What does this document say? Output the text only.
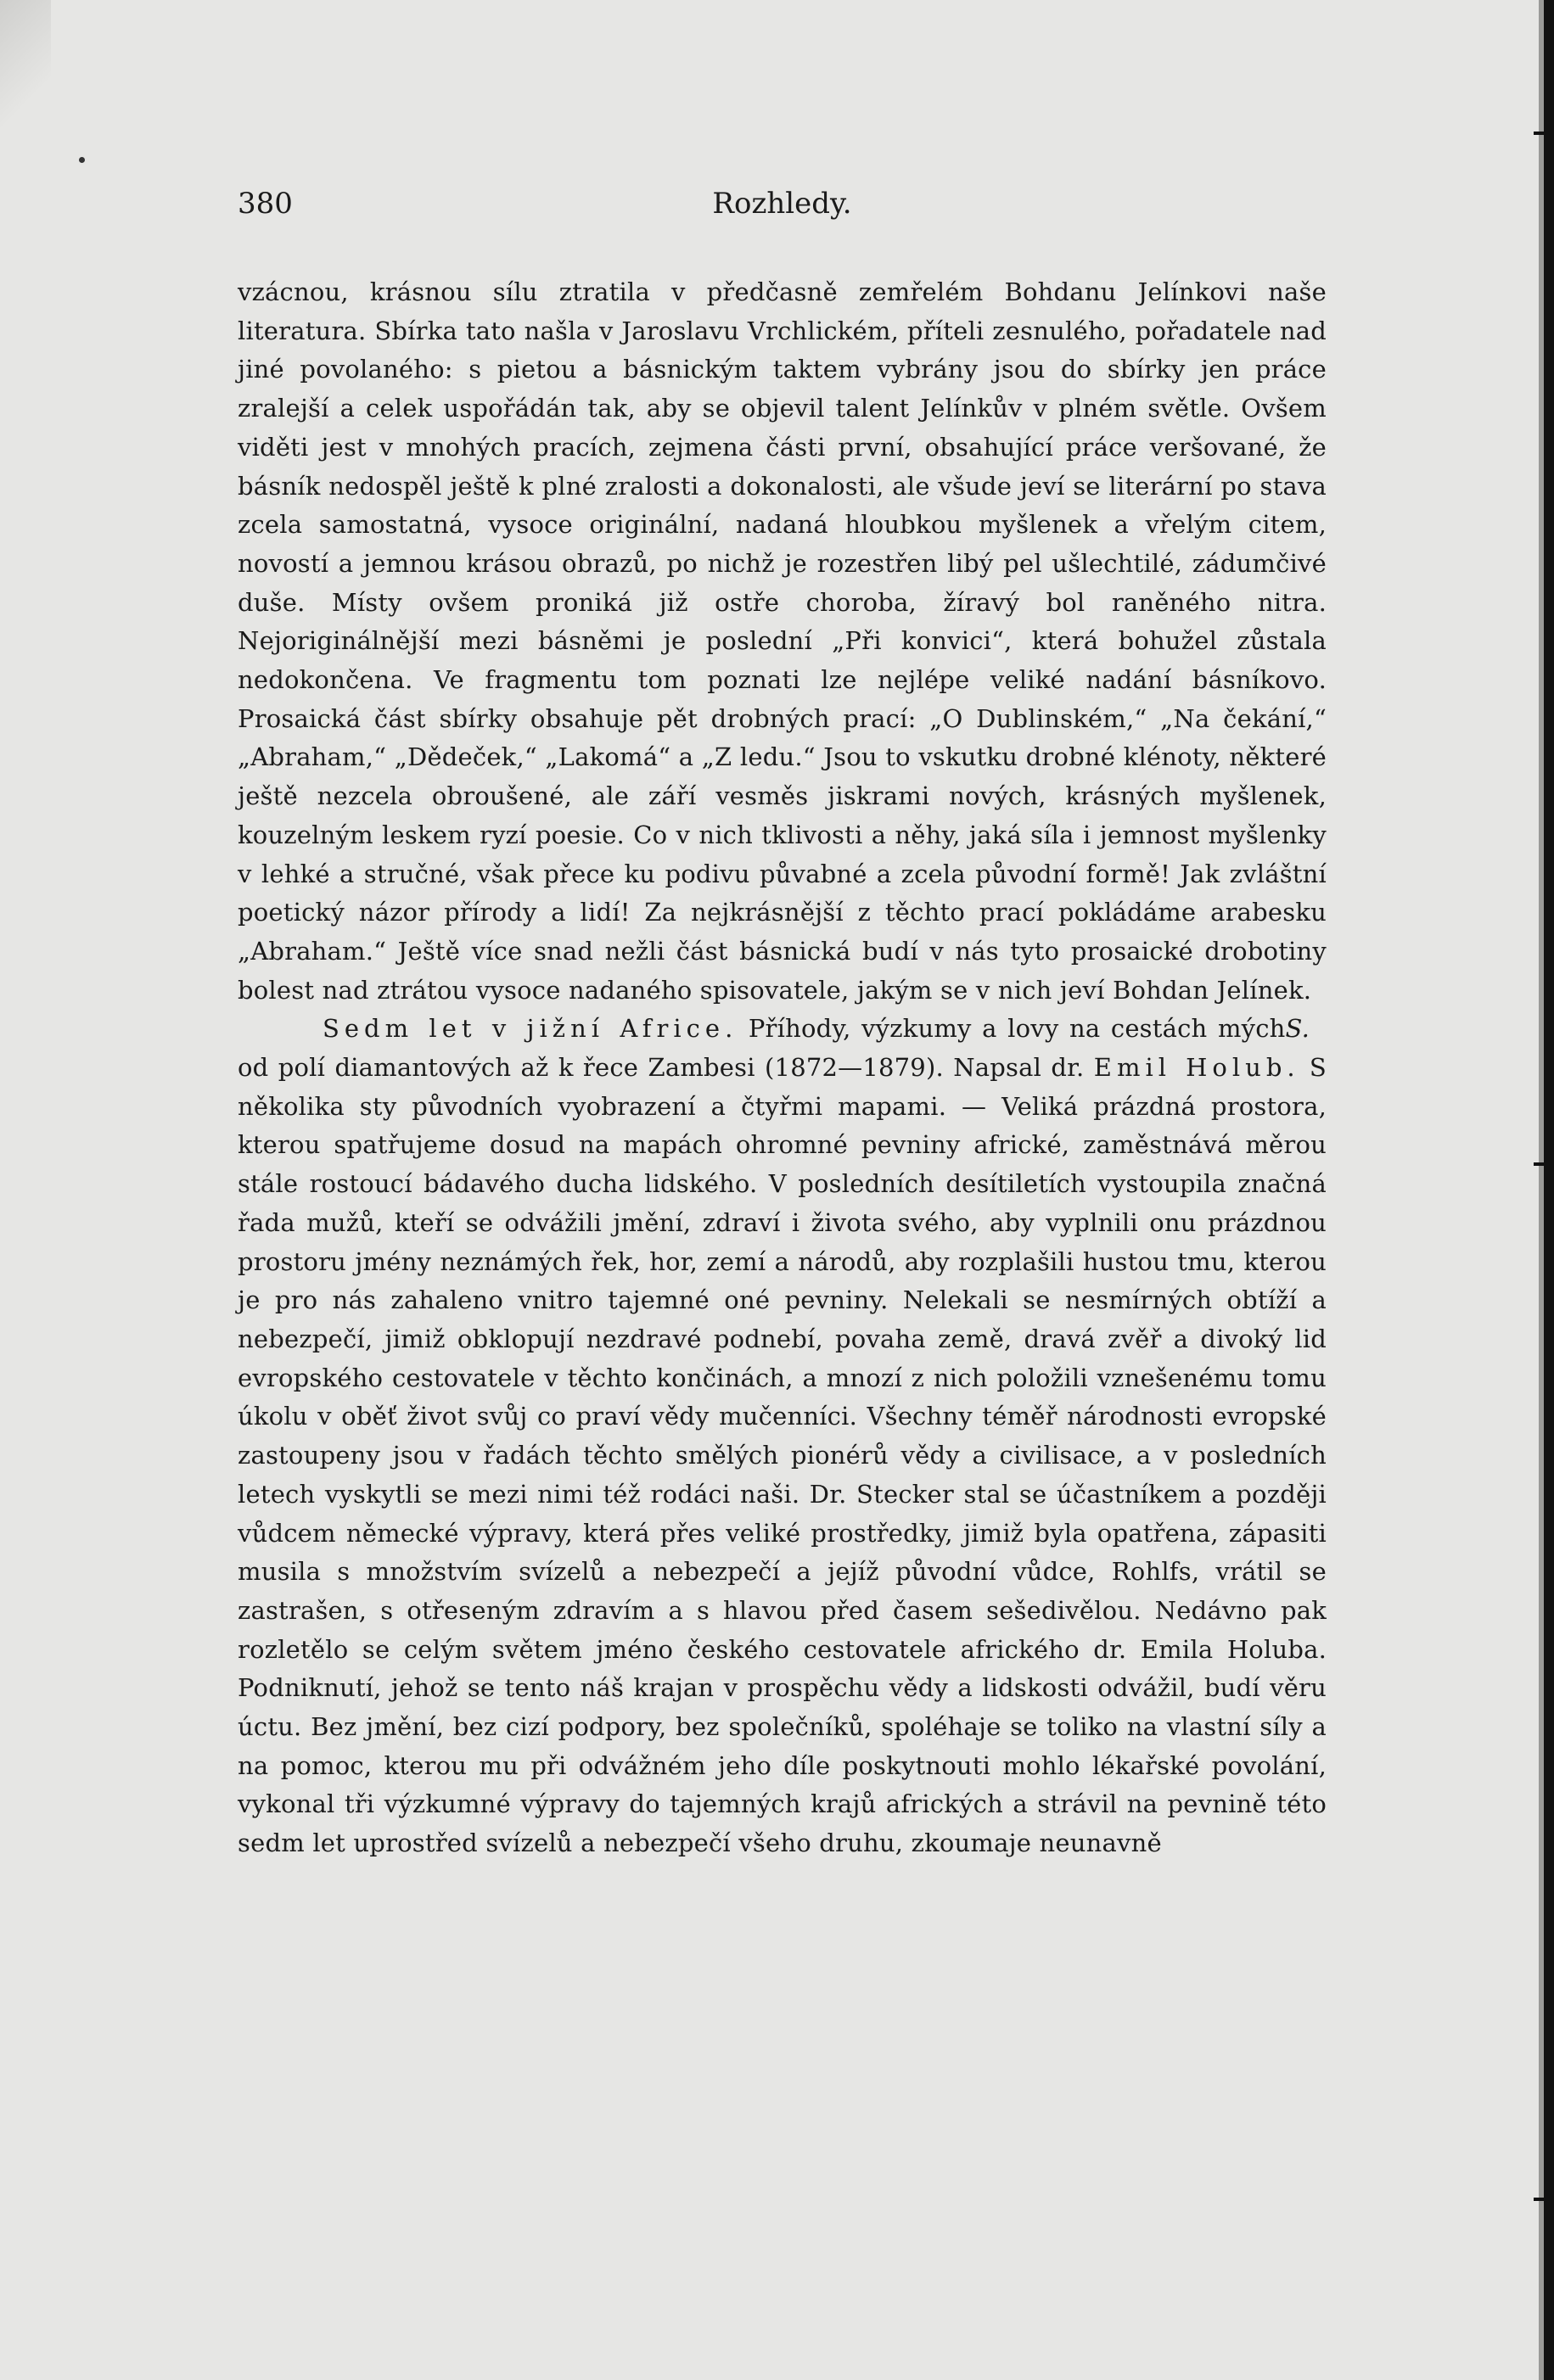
380	Rozhledy.

vzácnou, krásnou sílu ztratila v předčasně zemřelém Bohdanu Jelínkovi naše literatura. Sbírka tato našla v Jaroslavu Vrchlickém, příteli zesnulého, pořadatele nad jiné povolaného: s pietou a básnickým taktem vybrány jsou do sbírky jen práce zralejší a celek uspořádán tak, aby se objevil talent Jelínkův v plném světle. Ovšem viděti jest v mnohých pracích, zejmena části první, obsahující práce veršované, že básník nedospěl ještě k plné zralosti a dokonalosti, ale všude jeví se literární po stava zcela samostatná, vysoce originální, nadaná hloubkou myšlenek a vřelým citem, novostí a jemnou krásou obrazů, po nichž je rozestřen libý pel ušlechtilé, zádumčivé duše. Místy ovšem proniká již ostře choroba, žíravý bol raněného nitra. Nejoriginálnější mezi básněmi je poslední „Při konvici“, která bohužel zůstala nedokončena. Ve fragmentu tom poznati lze nejlépe veliké nadání básníkovo. Prosaická část sbírky obsahuje pět drobných prací: „O Dublinském,“ „Na čekání,“ „Abraham,“ „Dědeček,“ „Lakomá“ a „Z ledu.“ Jsou to vskutku drobné klénoty, některé ještě nezcela obroušené, ale září vesměs jiskrami nových, krásných myšlenek, kouzelným leskem ryzí poesie. Co v nich tklivosti a něhy, jaká síla i jemnost myšlenky v lehké a stručné, však přece ku podivu půvabné a zcela původní formě! Jak zvláštní poetický názor přírody a lidí! Za nejkrásnější z těchto prací pokládáme arabesku „Abraham.“ Ještě více snad nežli část básnická budí v nás tyto prosaické drobotiny bolest nad ztrátou vysoce nadaného spisovatele, jakým se v nich jeví Bohdan Jelínek.
S.

Sedm let v jižní Africe. Příhody, výzkumy a lovy na cestách mých od polí diamantových až k řece Zambesi (1872—1879). Napsal dr. Emil Holub. S několika sty původních vyobrazení a čtyřmi mapami. — Veliká prázdná prostora, kterou spatřujeme dosud na mapách ohromné pevniny africké, zaměstnává měrou stále rostoucí bádavého ducha lidského. V posledních desítiletích vystoupila značná řada mužů, kteří se odvážili jmění, zdraví i života svého, aby vyplnili onu prázdnou prostoru jmény neznámých řek, hor, zemí a národů, aby rozplašili hustou tmu, kterou je pro nás zahaleno vnitro tajemné oné pevniny. Nelekali se nesmírných obtíží a nebezpečí, jimiž obklopují nezdravé podnebí, povaha země, dravá zvěř a divoký lid evropského cestovatele v těchto končinách, a mnozí z nich položili vznešenému tomu úkolu v oběť život svůj co praví vědy mučenníci. Všechny téměř národnosti evropské zastoupeny jsou v řadách těchto smělých pionérů vědy a civilisace, a v posledních letech vyskytli se mezi nimi též rodáci naši. Dr. Stecker stal se účastníkem a později vůdcem německé výpravy, která přes veliké prostředky, jimiž byla opatřena, zápasiti musila s množstvím svízelů a nebezpečí a jejíž původní vůdce, Rohlfs, vrátil se zastrašen, s otřeseným zdravím a s hlavou před časem sešedivělou. Nedávno pak rozletělo se celým světem jméno českého cestovatele afrického dr. Emila Holuba. Podniknutí, jehož se tento náš krajan v prospěchu vědy a lidskosti odvážil, budí věru úctu. Bez jmění, bez cizí podpory, bez společníků, spoléhaje se toliko na vlastní síly a na pomoc, kterou mu při odvážném jeho díle poskytnouti mohlo lékařské povolání, vykonal tři výzkumné výpravy do tajemných krajů afrických a strávil na pevnině této sedm let uprostřed svízelů a nebezpečí všeho druhu, zkoumaje neunavně
